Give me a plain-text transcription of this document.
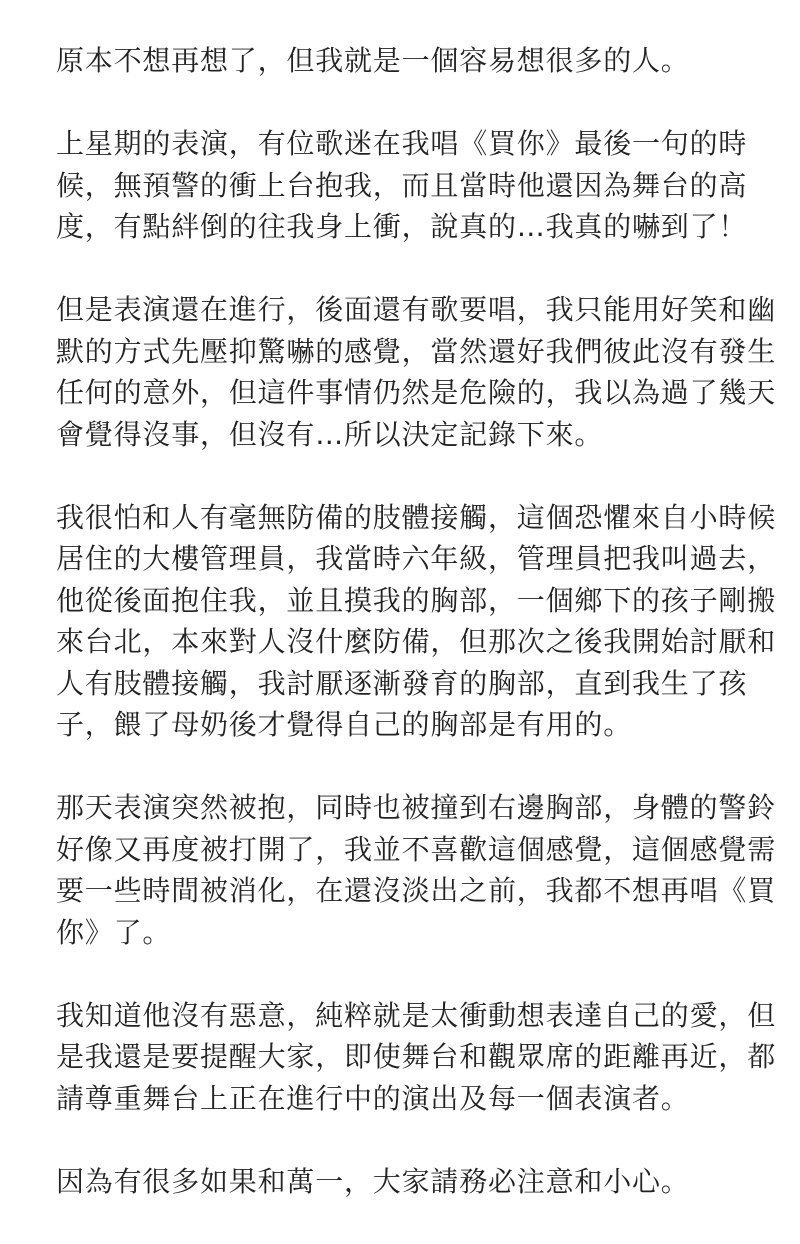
原本不想再想了，但我就是一個容易想很多的人。

上星期的表演，有位歌迷在我唱《買你》最後一句的時
候，無預警的衝上台抱我，而且當時他還因為舞台的高
度，有點絆倒的往我身上衝，說真的…我真的嚇到了！

但是表演還在進行，後面還有歌要唱，我只能用好笑和幽
默的方式先壓抑驚嚇的感覺，當然還好我們彼此沒有發生
任何的意外，但這件事情仍然是危險的，我以為過了幾天
會覺得沒事，但沒有…所以決定記錄下來。

我很怕和人有毫無防備的肢體接觸，這個恐懼來自小時候
居住的大樓管理員，我當時六年級，管理員把我叫過去，
他從後面抱住我，並且摸我的胸部，一個鄉下的孩子剛搬
來台北，本來對人沒什麼防備，但那次之後我開始討厭和
人有肢體接觸，我討厭逐漸發育的胸部，直到我生了孩
子，餵了母奶後才覺得自己的胸部是有用的。

那天表演突然被抱，同時也被撞到右邊胸部，身體的警鈴
好像又再度被打開了，我並不喜歡這個感覺，這個感覺需
要一些時間被消化，在還沒淡出之前，我都不想再唱《買
你》了。

我知道他沒有惡意，純粹就是太衝動想表達自己的愛，但
是我還是要提醒大家，即使舞台和觀眾席的距離再近，都
請尊重舞台上正在進行中的演出及每一個表演者。

因為有很多如果和萬一，大家請務必注意和小心。
